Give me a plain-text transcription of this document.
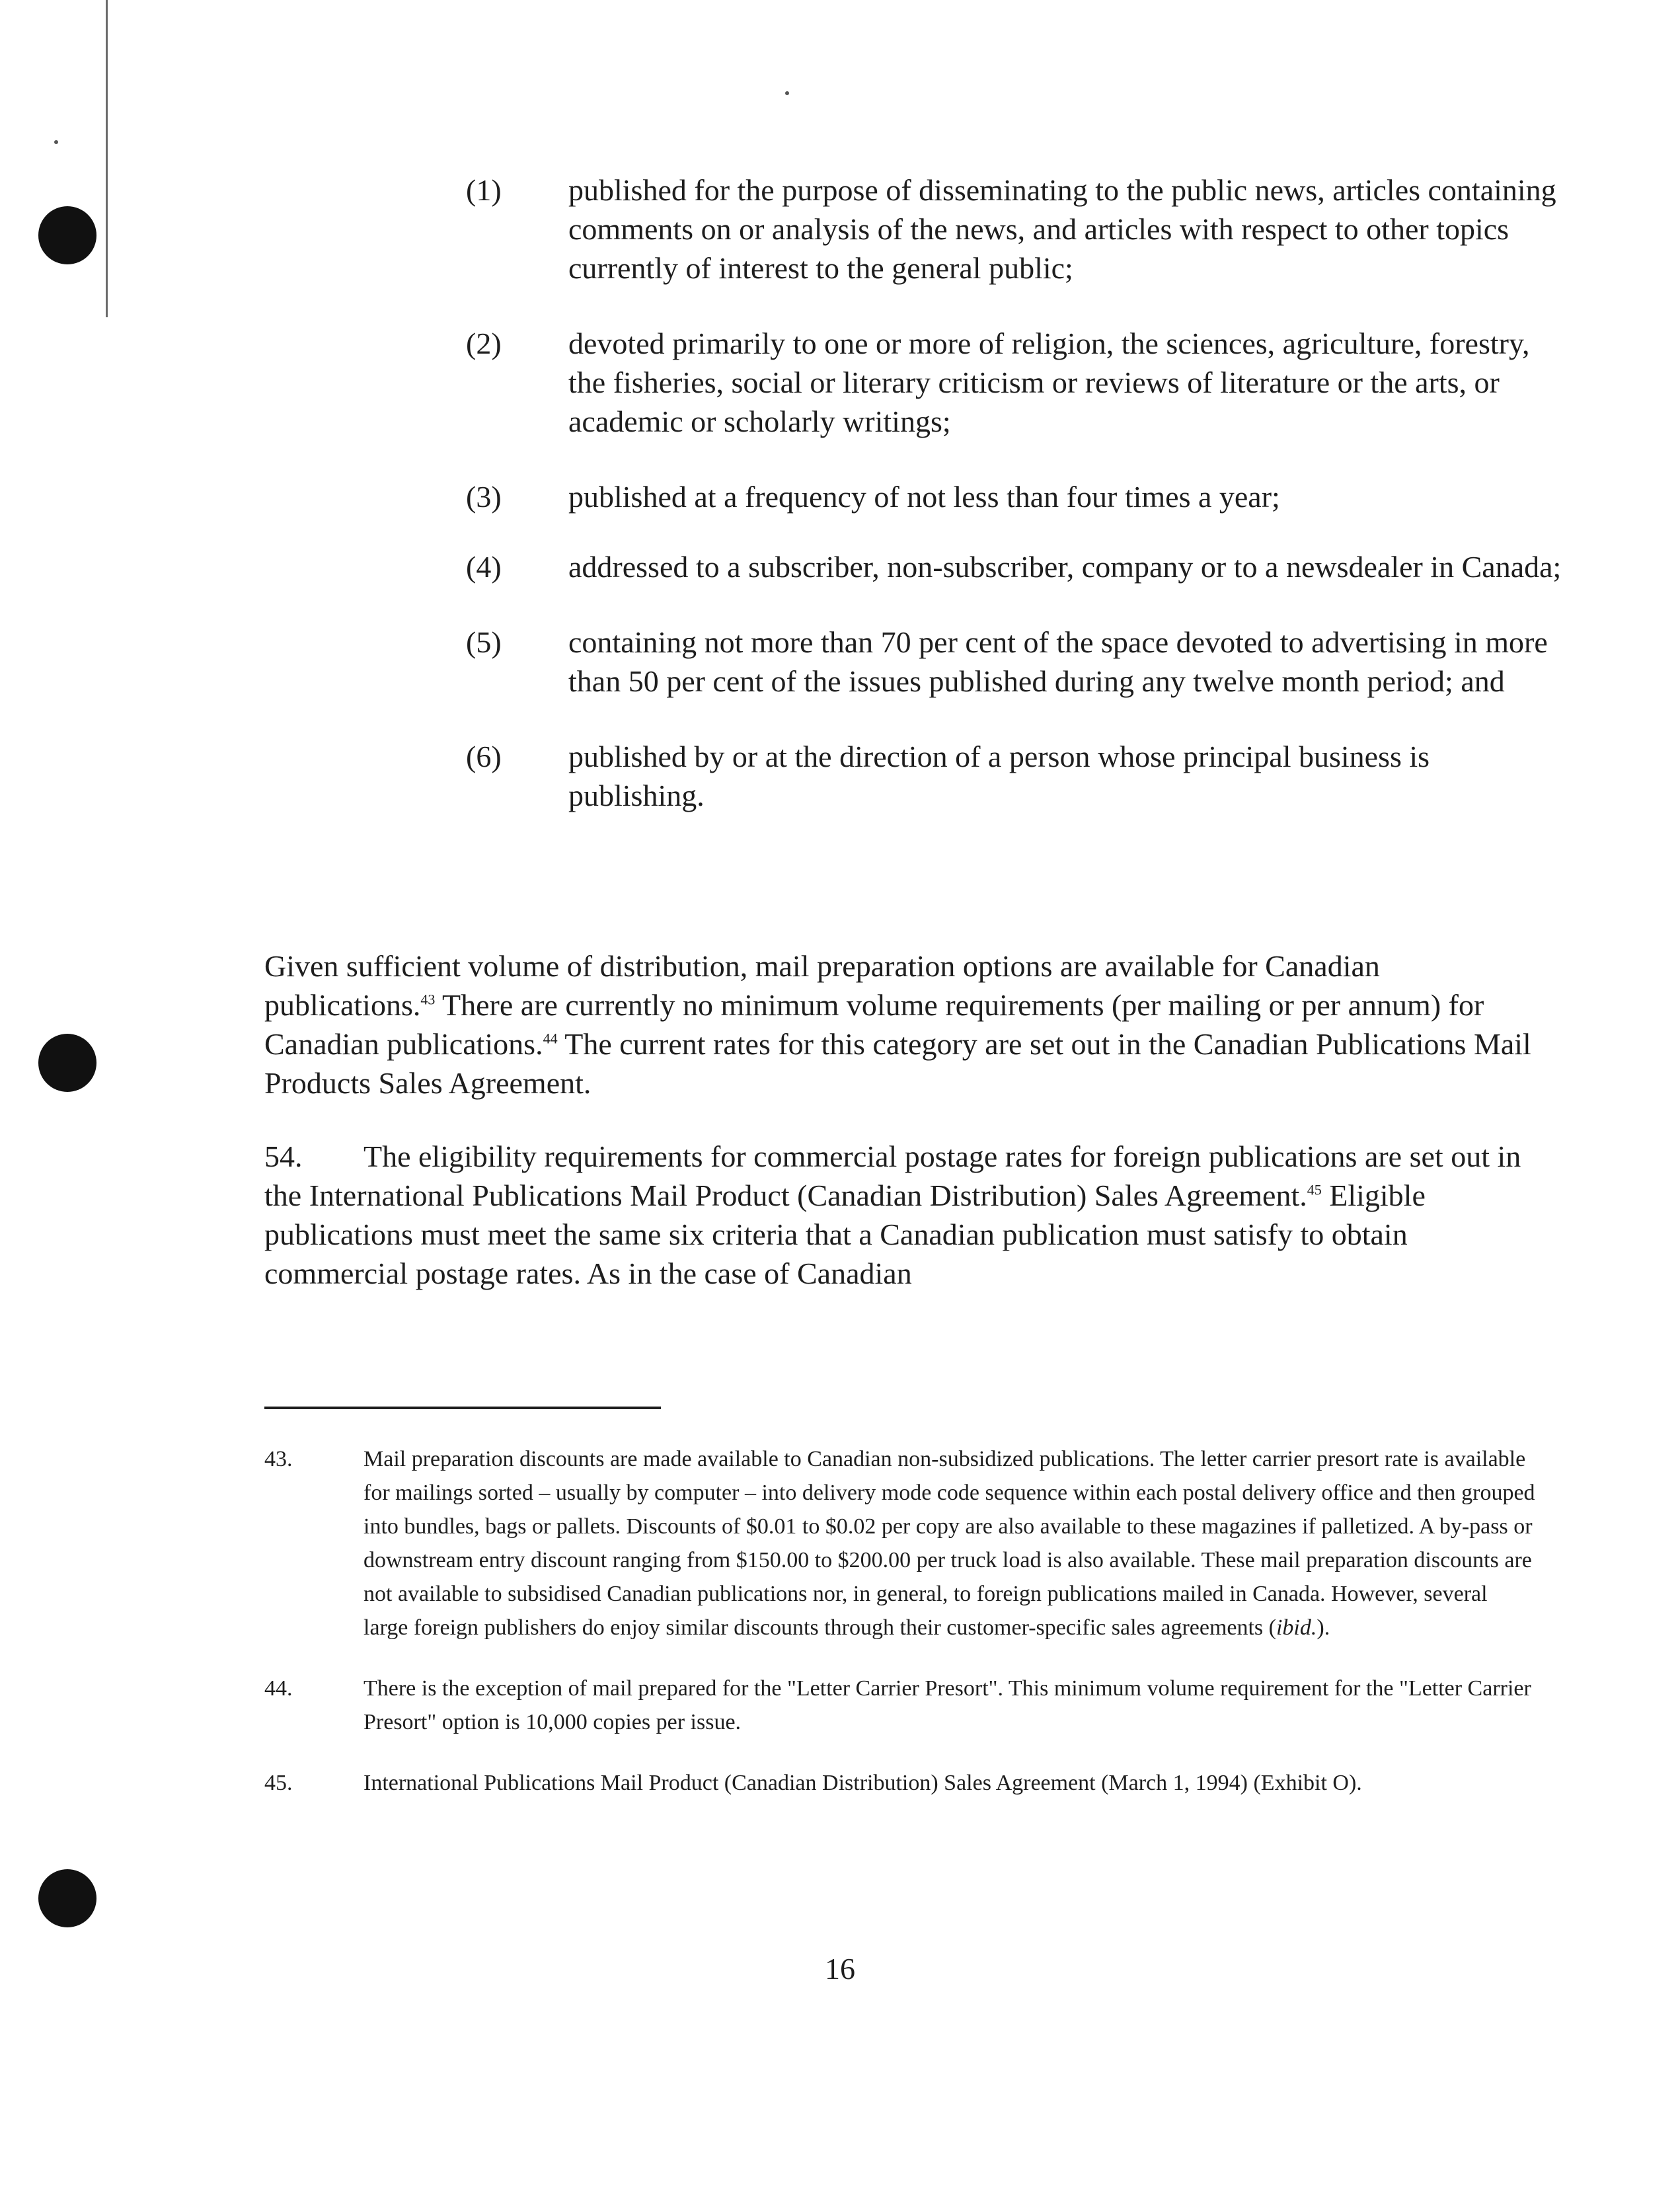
(1)	published for the purpose of disseminating to the public news, articles containing comments on or analysis of the news, and articles with respect to other topics currently of interest to the general public;
(2)	devoted primarily to one or more of religion, the sciences, agriculture, forestry, the fisheries, social or literary criticism or reviews of literature or the arts, or academic or scholarly writings;
(3)	published at a frequency of not less than four times a year;
(4)	addressed to a subscriber, non-subscriber, company or to a newsdealer in Canada;
(5)	containing not more than 70 per cent of the space devoted to advertising in more than 50 per cent of the issues published during any twelve month period; and
(6)	published by or at the direction of a person whose principal business is publishing.

Given sufficient volume of distribution, mail preparation options are available for Canadian publications.$^{43}$ There are currently no minimum volume requirements (per mailing or per annum) for Canadian publications.$^{44}$ The current rates for this category are set out in the Canadian Publications Mail Products Sales Agreement.

54. The eligibility requirements for commercial postage rates for foreign publications are set out in the International Publications Mail Product (Canadian Distribution) Sales Agreement.$^{45}$ Eligible publications must meet the same six criteria that a Canadian publication must satisfy to obtain commercial postage rates. As in the case of Canadian

43.	Mail preparation discounts are made available to Canadian non-subsidized publications. The letter carrier presort rate is available for mailings sorted – usually by computer – into delivery mode code sequence within each postal delivery office and then grouped into bundles, bags or pallets. Discounts of $0.01 to $0.02 per copy are also available to these magazines if palletized. A by-pass or downstream entry discount ranging from $150.00 to $200.00 per truck load is also available. These mail preparation discounts are not available to subsidised Canadian publications nor, in general, to foreign publications mailed in Canada. However, several large foreign publishers do enjoy similar discounts through their customer-specific sales agreements (ibid.).
44.	There is the exception of mail prepared for the "Letter Carrier Presort". This minimum volume requirement for the "Letter Carrier Presort" option is 10,000 copies per issue.
45.	International Publications Mail Product (Canadian Distribution) Sales Agreement (March 1, 1994) (Exhibit O).
16
